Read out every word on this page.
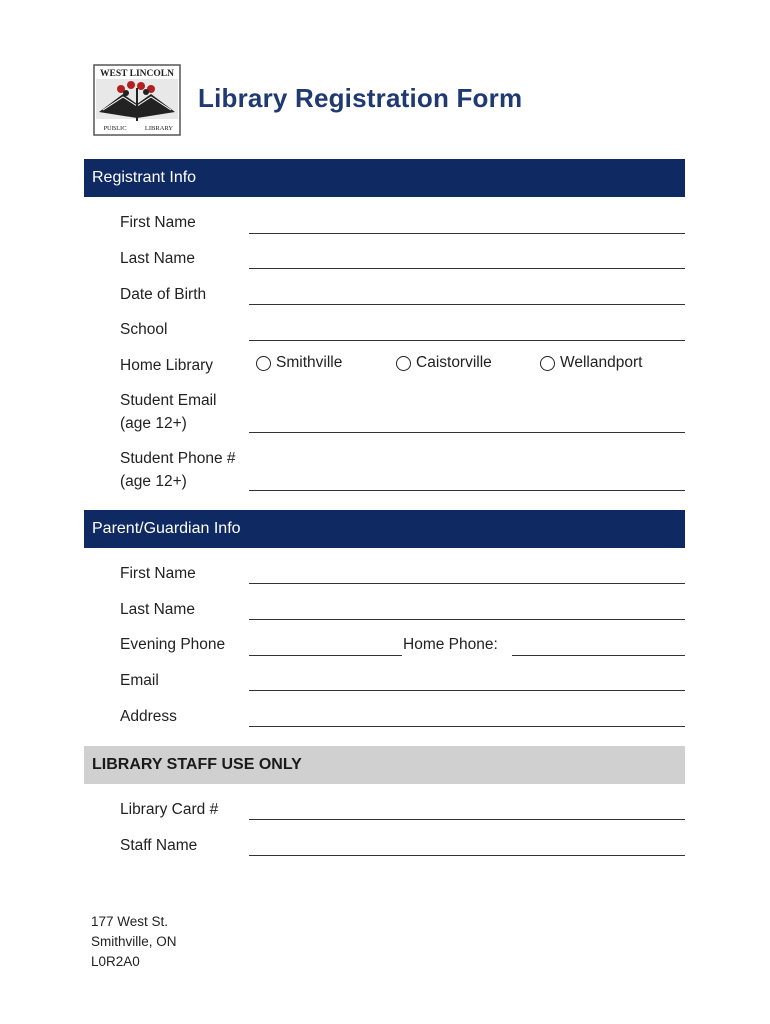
WEST LINCOLN
PUBLIC	LIBRARY
Library Registration Form
Registrant Info
First Name
Last Name
Date of Birth
School
Home Library	Smithville	Caistorville	Wellandport
Student Email
(age 12+)
Student Phone #
(age 12+)
Parent/Guardian Info
First Name
Last Name
Evening Phone	Home Phone:
Email
Address
LIBRARY STAFF USE ONLY
Library Card #
Staff Name
177 West St.
Smithville, ON
L0R2A0
